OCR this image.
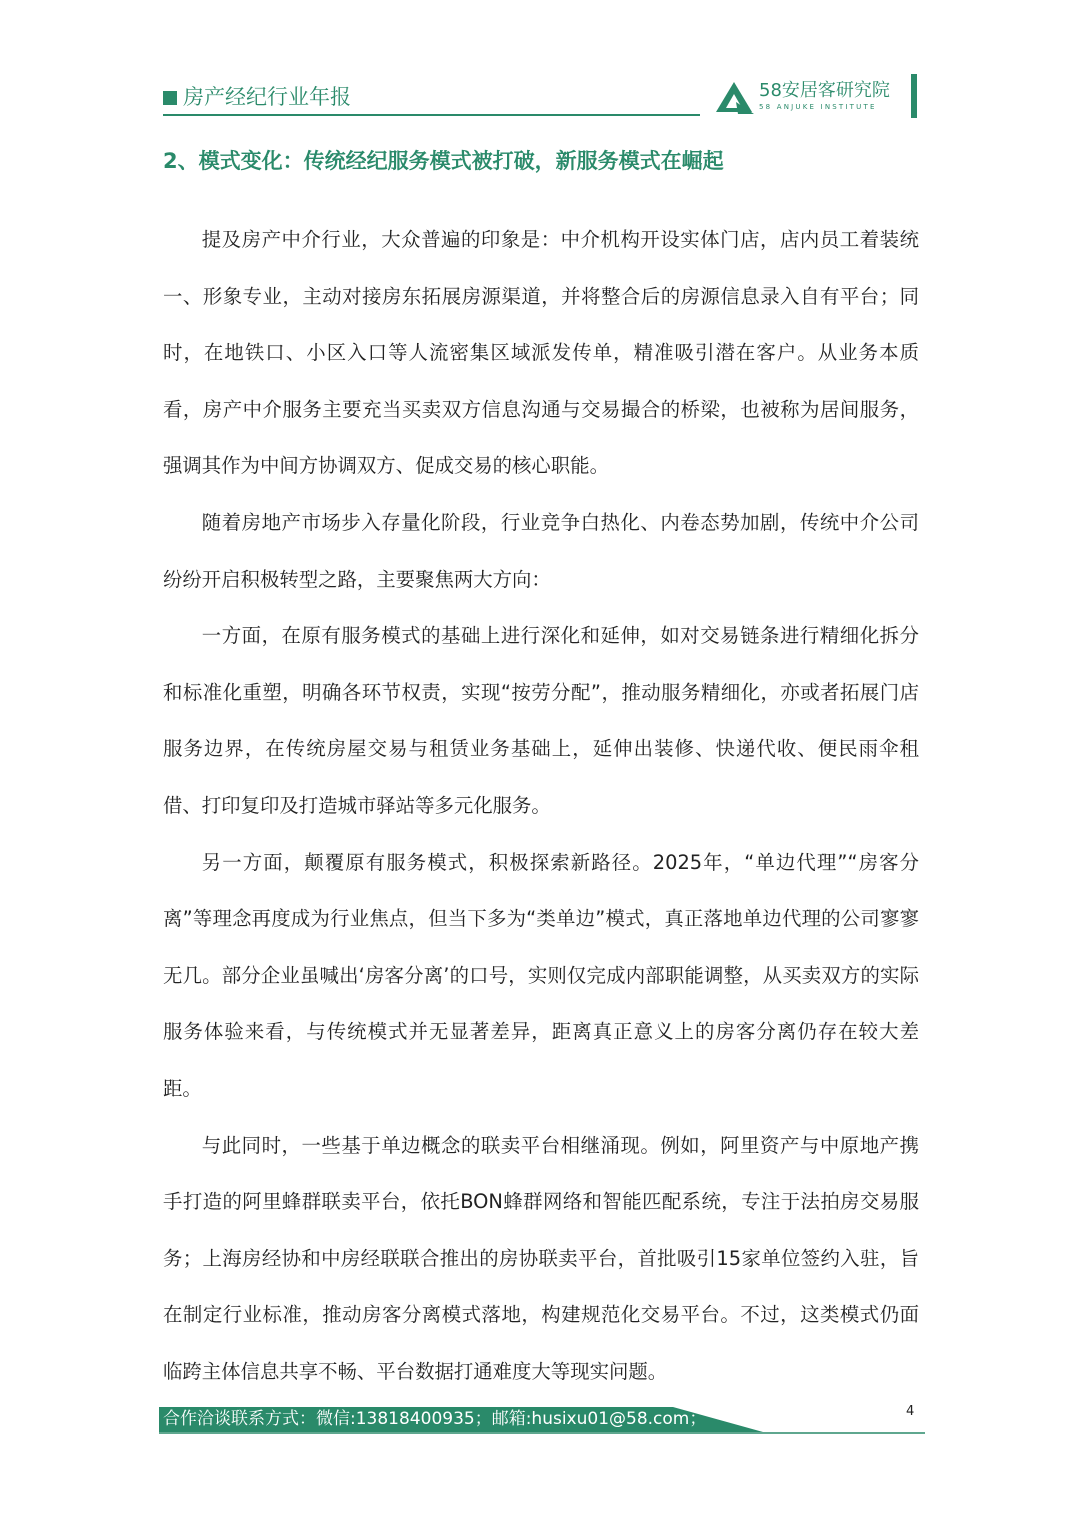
房产经纪行业年报	58安居客研究院
58 ANJUKE INSTITUTE
2、模式变化：传统经纪服务模式被打破，新服务模式在崛起

提及房产中介行业，大众普遍的印象是：中介机构开设实体门店，店内员工着装统一、形象专业，主动对接房东拓展房源渠道，并将整合后的房源信息录入自有平台；同时，在地铁口、小区入口等人流密集区域派发传单，精准吸引潜在客户。从业务本质看，房产中介服务主要充当买卖双方信息沟通与交易撮合的桥梁，也被称为居间服务，强调其作为中间方协调双方、促成交易的核心职能。

随着房地产市场步入存量化阶段，行业竞争白热化、内卷态势加剧，传统中介公司纷纷开启积极转型之路，主要聚焦两大方向：

一方面，在原有服务模式的基础上进行深化和延伸，如对交易链条进行精细化拆分和标准化重塑，明确各环节权责，实现“按劳分配”，推动服务精细化，亦或者拓展门店服务边界，在传统房屋交易与租赁业务基础上，延伸出装修、快递代收、便民雨伞租借、打印复印及打造城市驿站等多元化服务。

另一方面，颠覆原有服务模式，积极探索新路径。2025年，“单边代理”“房客分离”等理念再度成为行业焦点，但当下多为“类单边”模式，真正落地单边代理的公司寥寥无几。部分企业虽喊出‘房客分离’的口号，实则仅完成内部职能调整，从买卖双方的实际服务体验来看，与传统模式并无显著差异，距离真正意义上的房客分离仍存在较大差距。

与此同时，一些基于单边概念的联卖平台相继涌现。例如，阿里资产与中原地产携手打造的阿里蜂群联卖平台，依托BON蜂群网络和智能匹配系统，专注于法拍房交易服务；上海房经协和中房经联联合推出的房协联卖平台，首批吸引15家单位签约入驻，旨在制定行业标准，推动房客分离模式落地，构建规范化交易平台。不过，这类模式仍面临跨主体信息共享不畅、平台数据打通难度大等现实问题。

合作洽谈联系方式：微信:13818400935；邮箱:husixu01@58.com；	4
